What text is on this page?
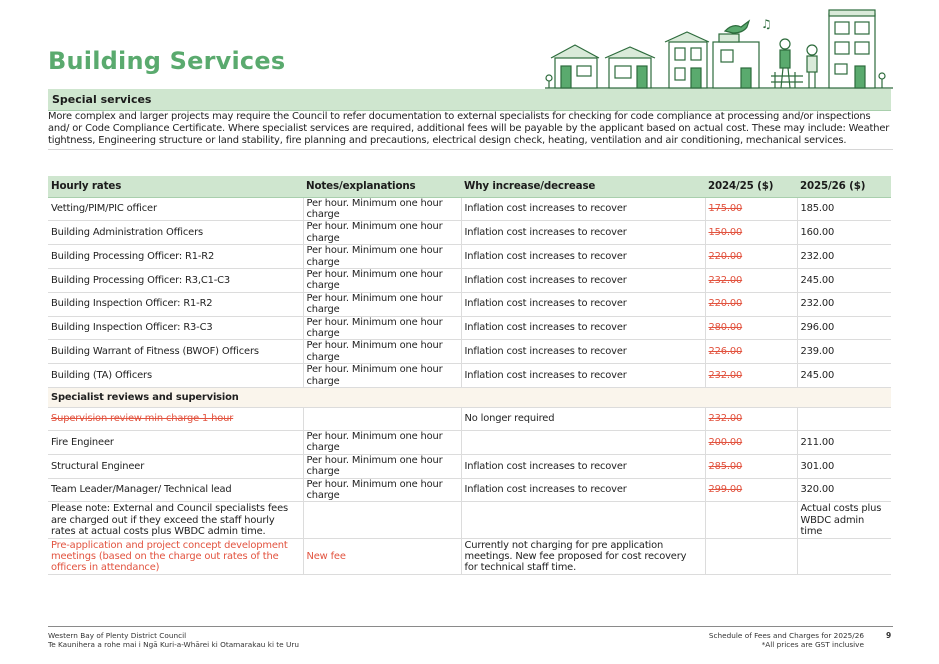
Building Services
♫
Special services
More complex and larger projects may require the Council to refer documentation to external specialists for checking for code compliance at processing and/or inspections and/ or Code Compliance Certificate. Where specialist services are required, additional fees will be payable by the applicant based on actual cost. These may include: Weather tightness, Engineering structure or land stability, fire planning and precautions, electrical design check, heating, ventilation and air conditioning, mechanical services.
Hourly rates	Notes/explanations	Why increase/decrease	2024/25 ($)	2025/26 ($)
Vetting/PIM/PIC officer	Per hour. Minimum one hour charge	Inflation cost increases to recover	175.00	185.00
Building Administration Officers	Per hour. Minimum one hour charge	Inflation cost increases to recover	150.00	160.00
Building Processing Officer: R1-R2	Per hour. Minimum one hour charge	Inflation cost increases to recover	220.00	232.00
Building Processing Officer: R3,C1-C3	Per hour. Minimum one hour charge	Inflation cost increases to recover	232.00	245.00
Building Inspection Officer: R1-R2	Per hour. Minimum one hour charge	Inflation cost increases to recover	220.00	232.00
Building Inspection Officer: R3-C3	Per hour. Minimum one hour charge	Inflation cost increases to recover	280.00	296.00
Building Warrant of Fitness (BWOF) Officers	Per hour. Minimum one hour charge	Inflation cost increases to recover	226.00	239.00
Building (TA) Officers	Per hour. Minimum one hour charge	Inflation cost increases to recover	232.00	245.00
Specialist reviews and supervision				
Supervision review min charge 1 hour		No longer required	232.00	
Fire Engineer	Per hour. Minimum one hour charge		200.00	211.00
Structural Engineer	Per hour. Minimum one hour charge	Inflation cost increases to recover	285.00	301.00
Team Leader/Manager/ Technical lead	Per hour. Minimum one hour charge	Inflation cost increases to recover	299.00	320.00
Please note: External and Council specialists fees are charged out if they exceed the staff hourly rates at actual costs plus WBDC admin time.				Actual costs plus WBDC admin time
Pre-application and project concept development meetings (based on the charge out rates of the officers in attendance)	New fee	Currently not charging for pre application meetings. New fee proposed for cost recovery for technical staff time.		
Western Bay of Plenty District Council
Te Kaunihera a rohe mai i Ngā Kuri-a-Whārei ki Otamarakau ki te Uru
Schedule of Fees and Charges for 2025/26
*All prices are GST inclusive
9
